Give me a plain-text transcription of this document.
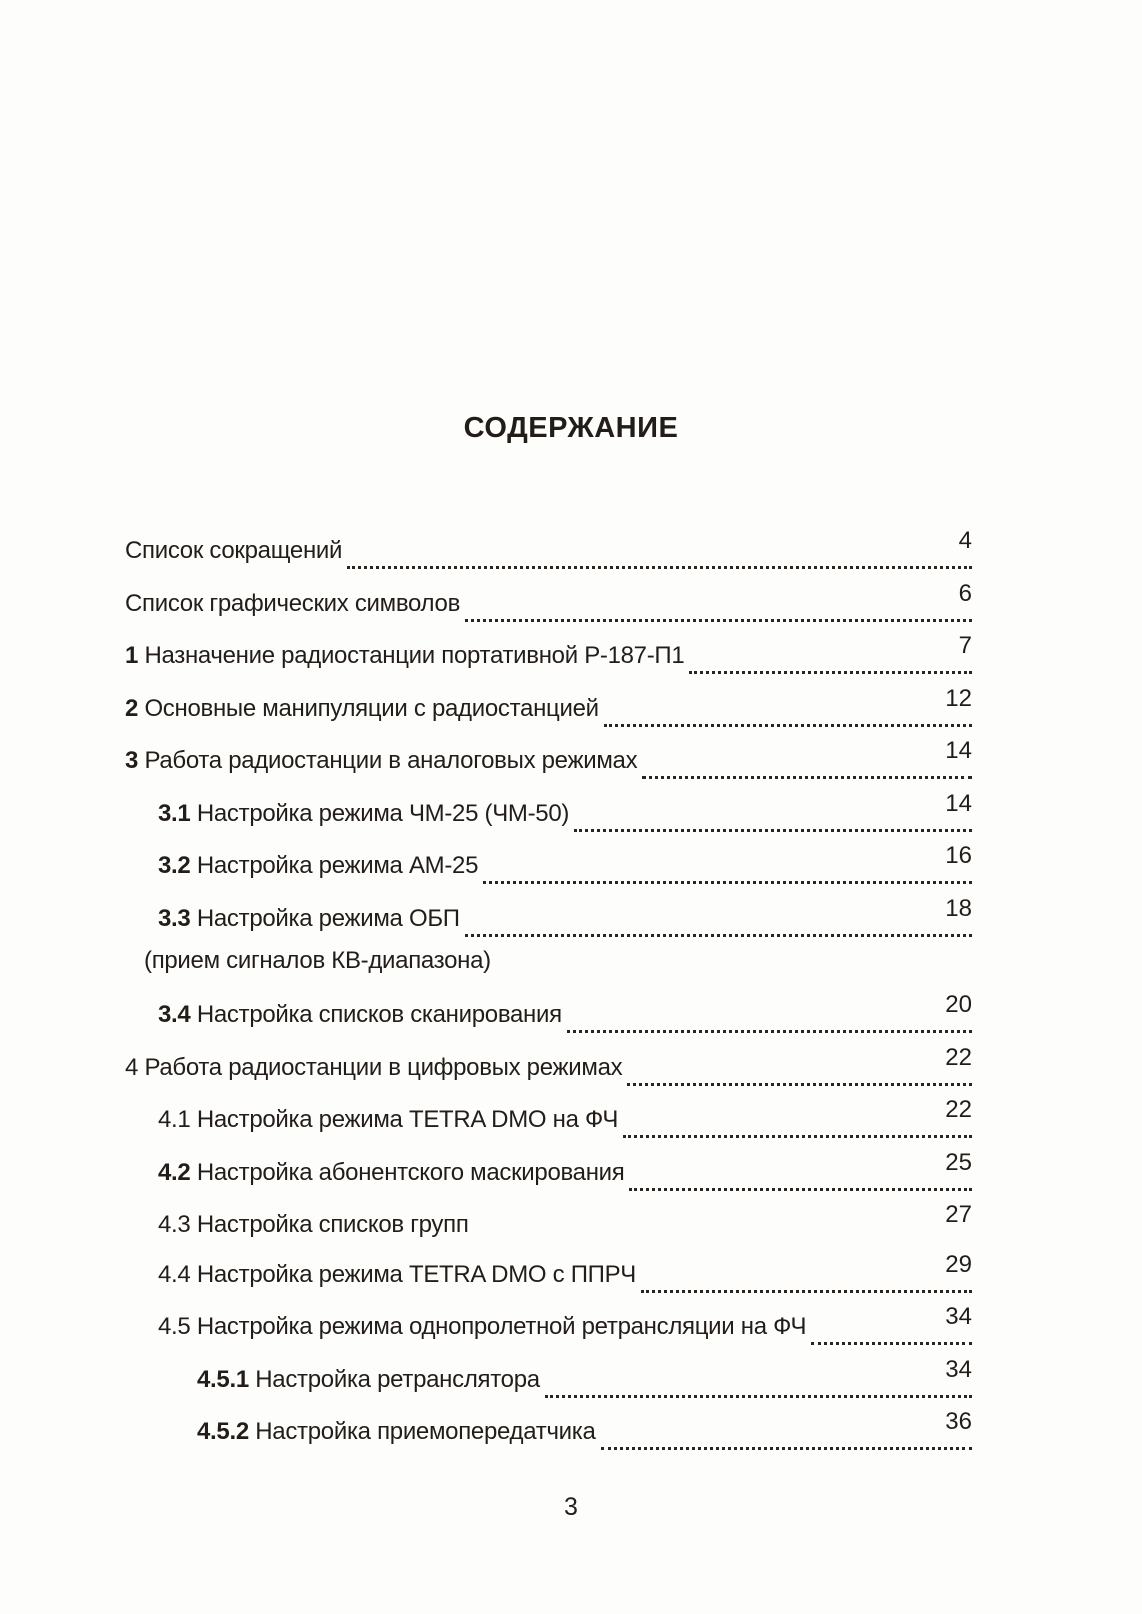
СОДЕРЖАНИЕ
Список сокращений	4
Список графических символов	6
1 Назначение радиостанции портативной Р-187-П1	7
2 Основные манипуляции с радиостанцией	12
3 Работа радиостанции в аналоговых режимах	14
3.1 Настройка режима ЧМ-25 (ЧМ-50)	14
3.2 Настройка режима АМ-25	16
3.3 Настройка режима ОБП	18
(прием сигналов КВ-диапазона)
3.4 Настройка списков сканирования	20
4 Работа радиостанции в цифровых режимах	22
4.1 Настройка режима TETRA DMO на ФЧ	22
4.2 Настройка абонентского маскирования	25
4.3 Настройка списков групп	27
4.4 Настройка режима TETRA DMO с ППРЧ	29
4.5 Настройка режима однопролетной ретрансляции на ФЧ	34
4.5.1 Настройка ретранслятора	34
4.5.2 Настройка приемопередатчика	36
3
